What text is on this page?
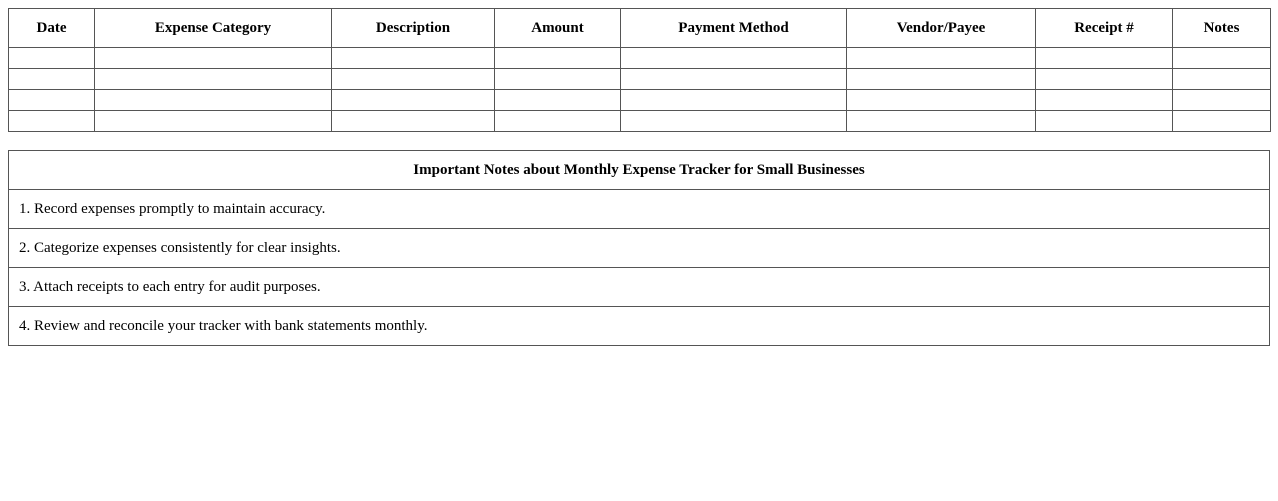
Date	Expense Category	Description	Amount	Payment Method	Vendor/Payee	Receipt #	Notes

Important Notes about Monthly Expense Tracker for Small Businesses
1. Record expenses promptly to maintain accuracy.
2. Categorize expenses consistently for clear insights.
3. Attach receipts to each entry for audit purposes.
4. Review and reconcile your tracker with bank statements monthly.
